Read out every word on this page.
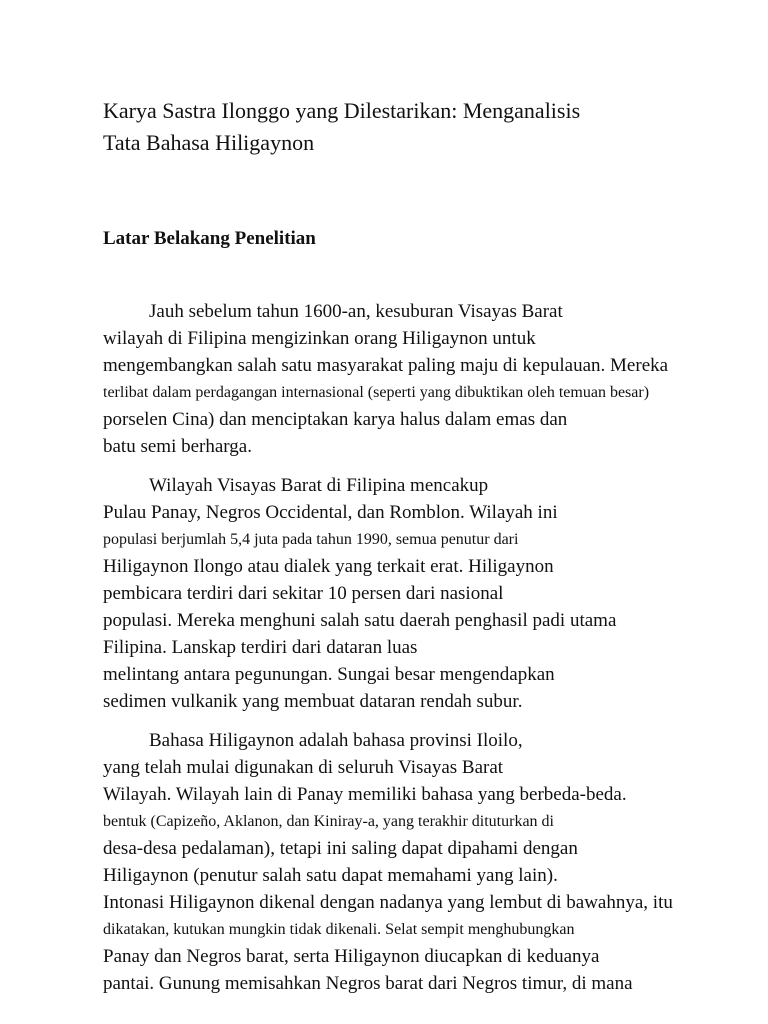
Karya Sastra Ilonggo yang Dilestarikan: Menganalisis
Tata Bahasa Hiligaynon
Latar Belakang Penelitian

Jauh sebelum tahun 1600-an, kesuburan Visayas Barat
wilayah di Filipina mengizinkan orang Hiligaynon untuk
mengembangkan salah satu masyarakat paling maju di kepulauan. Mereka
terlibat dalam perdagangan internasional (seperti yang dibuktikan oleh temuan besar)
porselen Cina) dan menciptakan karya halus dalam emas dan
batu semi berharga.

Wilayah Visayas Barat di Filipina mencakup
Pulau Panay, Negros Occidental, dan Romblon. Wilayah ini
populasi berjumlah 5,4 juta pada tahun 1990, semua penutur dari
Hiligaynon Ilongo atau dialek yang terkait erat. Hiligaynon
pembicara terdiri dari sekitar 10 persen dari nasional
populasi. Mereka menghuni salah satu daerah penghasil padi utama
Filipina. Lanskap terdiri dari dataran luas
melintang antara pegunungan. Sungai besar mengendapkan
sedimen vulkanik yang membuat dataran rendah subur.

Bahasa Hiligaynon adalah bahasa provinsi Iloilo,
yang telah mulai digunakan di seluruh Visayas Barat
Wilayah. Wilayah lain di Panay memiliki bahasa yang berbeda-beda.
bentuk (Capizeño, Aklanon, dan Kiniray-a, yang terakhir dituturkan di
desa-desa pedalaman), tetapi ini saling dapat dipahami dengan
Hiligaynon (penutur salah satu dapat memahami yang lain).
Intonasi Hiligaynon dikenal dengan nadanya yang lembut di bawahnya, itu
dikatakan, kutukan mungkin tidak dikenali. Selat sempit menghubungkan
Panay dan Negros barat, serta Hiligaynon diucapkan di keduanya
pantai. Gunung memisahkan Negros barat dari Negros timur, di mana
